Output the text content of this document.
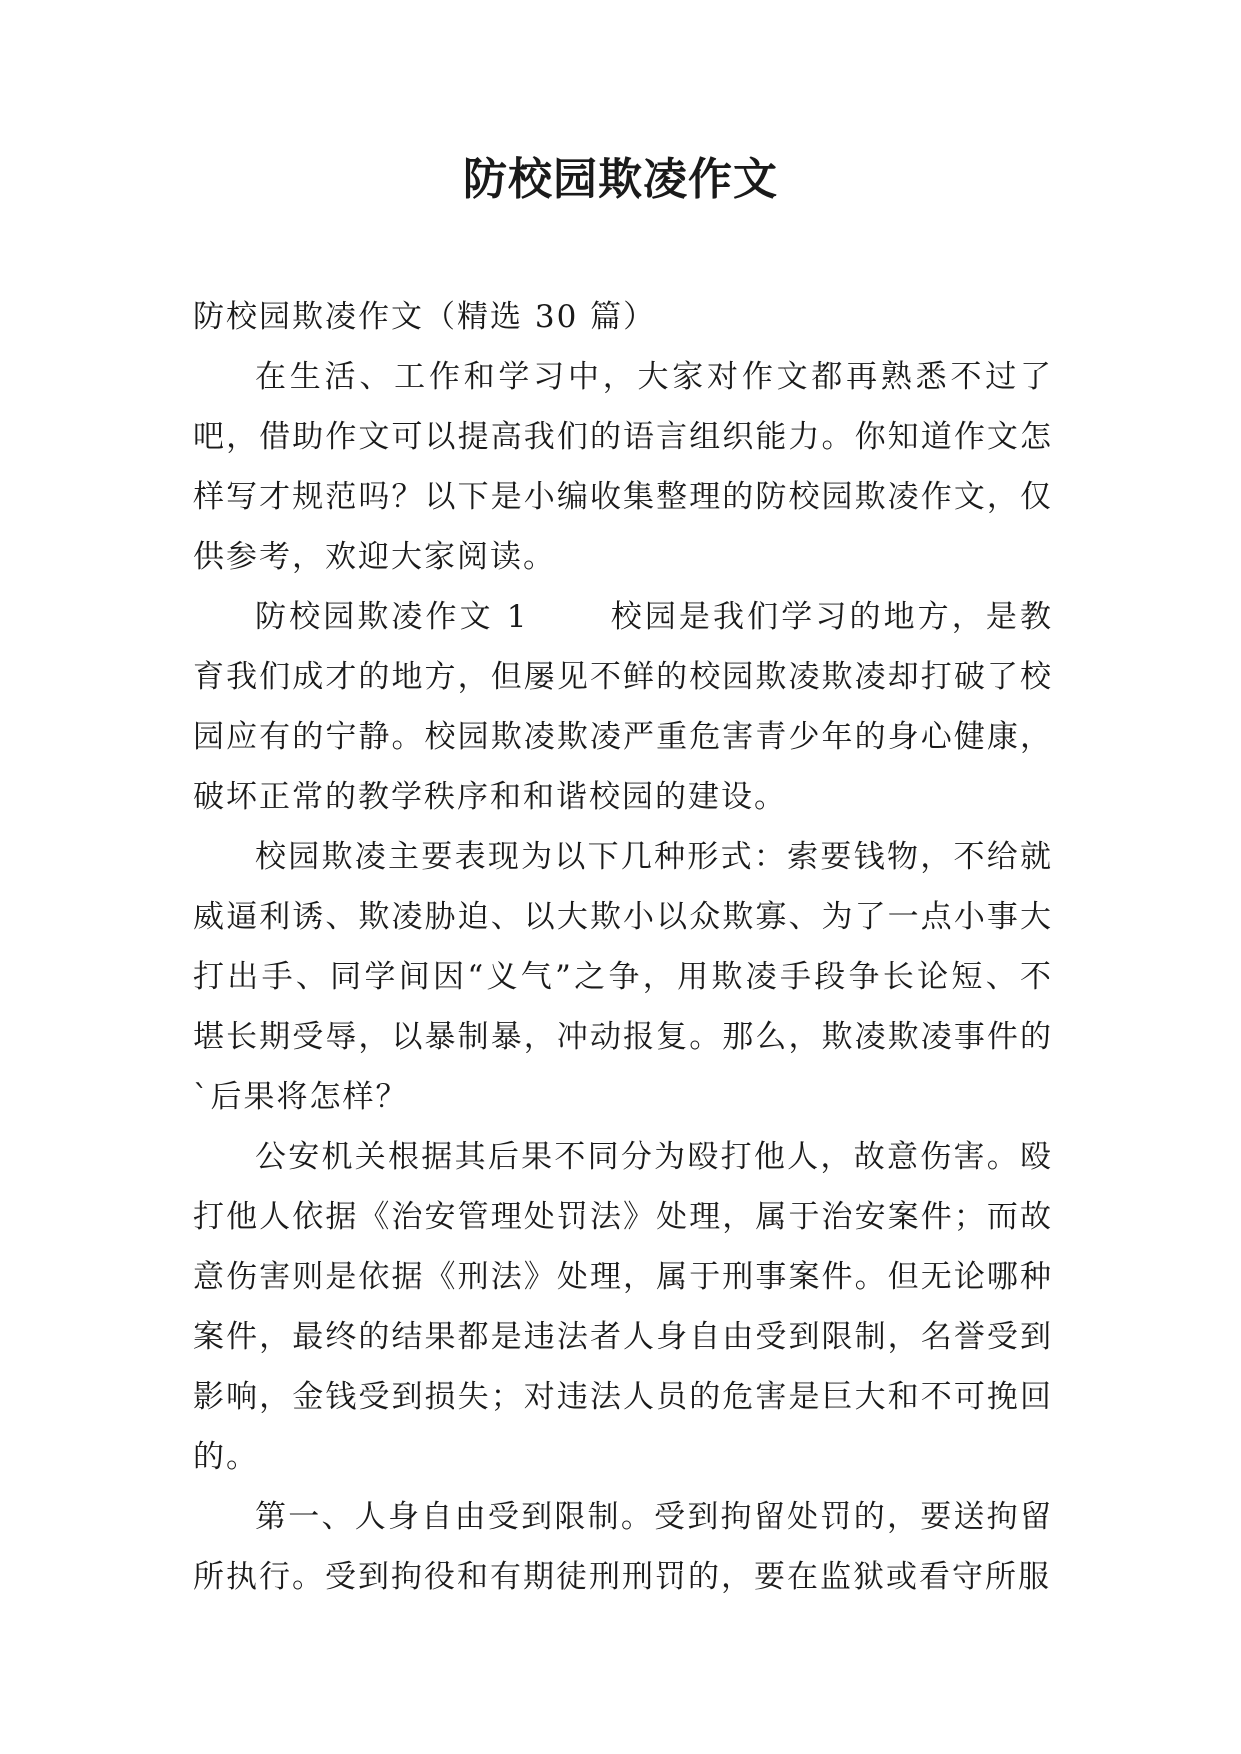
防校园欺凌作文

防校园欺凌作文（精选 30 篇）

在生活、工作和学习中，大家对作文都再熟悉不过了吧，借助作文可以提高我们的语言组织能力。你知道作文怎样写才规范吗？以下是小编收集整理的防校园欺凌作文，仅供参考，欢迎大家阅读。

防校园欺凌作文 1　　 校园是我们学习的地方，是教育我们成才的地方，但屡见不鲜的校园欺凌欺凌却打破了校园应有的宁静。校园欺凌欺凌严重危害青少年的身心健康，破坏正常的教学秩序和和谐校园的建设。

校园欺凌主要表现为以下几种形式：索要钱物，不给就威逼利诱、欺凌胁迫、以大欺小以众欺寡、为了一点小事大打出手、同学间因“义气”之争，用欺凌手段争长论短、不堪长期受辱，以暴制暴，冲动报复。那么，欺凌欺凌事件的`后果将怎样？

公安机关根据其后果不同分为殴打他人，故意伤害。殴打他人依据《治安管理处罚法》处理，属于治安案件；而故意伤害则是依据《刑法》处理，属于刑事案件。但无论哪种案件，最终的结果都是违法者人身自由受到限制，名誉受到影响，金钱受到损失；对违法人员的危害是巨大和不可挽回的。

第一、人身自由受到限制。受到拘留处罚的，要送拘留所执行。受到拘役和有期徒刑刑罚的，要在监狱或看守所服
